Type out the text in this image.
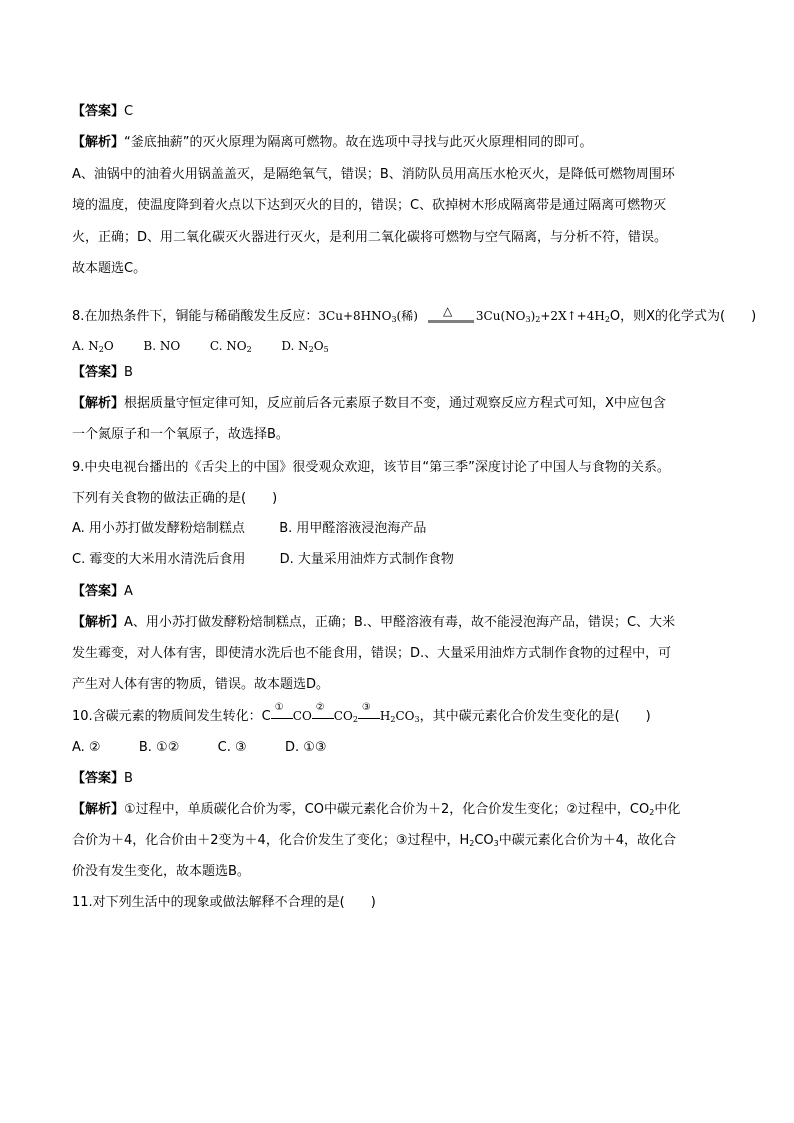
【答案】C
【解析】“釜底抽薪”的灭火原理为隔离可燃物。故在选项中寻找与此灭火原理相同的即可。
A、油锅中的油着火用锅盖盖灭，是隔绝氧气，错误；B、消防队员用高压水枪灭火，是降低可燃物周围环
境的温度，使温度降到着火点以下达到灭火的目的，错误；C、砍掉树木形成隔离带是通过隔离可燃物灭
火，正确；D、用二氧化碳灭火器进行灭火，是利用二氧化碳将可燃物与空气隔离，与分析不符，错误。
故本题选C。
△
8.在加热条件下，铜能与稀硝酸发生反应：$3Cu+8HNO_3$(稀)	$3Cu(NO_3)_2+2X↑+4H_2O$，则X的化学式为(　　)
A. $N_2O$ B. NO C. $NO_2$ D. $N_2O_5$
【答案】B
【解析】根据质量守恒定律可知，反应前后各元素原子数目不变，通过观察反应方程式可知，X中应包含
一个氮原子和一个氧原子，故选择B。
9.中央电视台播出的《舌尖上的中国》很受观众欢迎，该节目“第三季”深度讨论了中国人与食物的关系。
下列有关食物的做法正确的是(　　)
A. 用小苏打做发酵粉焙制糕点	B. 用甲醛溶液浸泡海产品
C. 霉变的大米用水清洗后食用	D. 大量采用油炸方式制作食物
【答案】A
【解析】A、用小苏打做发酵粉焙制糕点，正确；B.、甲醛溶液有毒，故不能浸泡海产品，错误；C、大米
发生霉变，对人体有害，即使清水洗后也不能食用，错误；D.、大量采用油炸方式制作食物的过程中，可
产生对人体有害的物质，错误。故本题选D。
10.含碳元素的物质间发生转化：C
①
CO
②
$CO_2$
③
$H_2CO_3$，其中碳元素化合价发生变化的是(　　)
A. ②	B. ①②	C. ③	D. ①③
【答案】B
【解析】①过程中，单质碳化合价为零，CO中碳元素化合价为＋2，化合价发生变化；②过程中，$CO_2$中化
合价为＋4，化合价由＋2变为＋4，化合价发生了变化；③过程中，$H_2CO_3$中碳元素化合价为＋4，故化合
价没有发生变化，故本题选B。
11.对下列生活中的现象或做法解释不合理的是(　　)
